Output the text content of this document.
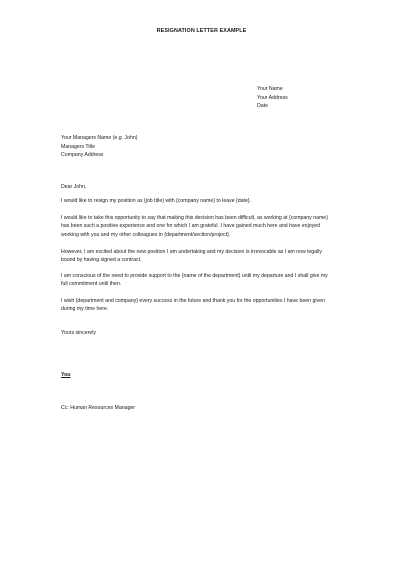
RESIGNATION LETTER EXAMPLE
Your Name
Your Address
Date
Your Managers Name (e.g. John)
Managers Title
Company Address
Dear John,
I would like to resign my position as {job title} with {company name} to leave {date}.
I would like to take this opportunity to say that making this decision has been difficult, as working at {company name}
has been such a positive experience and one for which I am grateful. I have gained much here and have enjoyed
working with you and my other colleagues in {department/section/project}.
However, I am excited about the new position I am undertaking and my decision is irrevocable as I am now legally
bound by having signed a contract.
I am conscious of the need to provide support to the {name of the department} until my departure and I shall give my
full commitment until then.
I wish {department and company} every success in the future and thank you for the opportunities I have been given
during my time here.
Yours sincerely
You
Cc: Human Resources Manager
